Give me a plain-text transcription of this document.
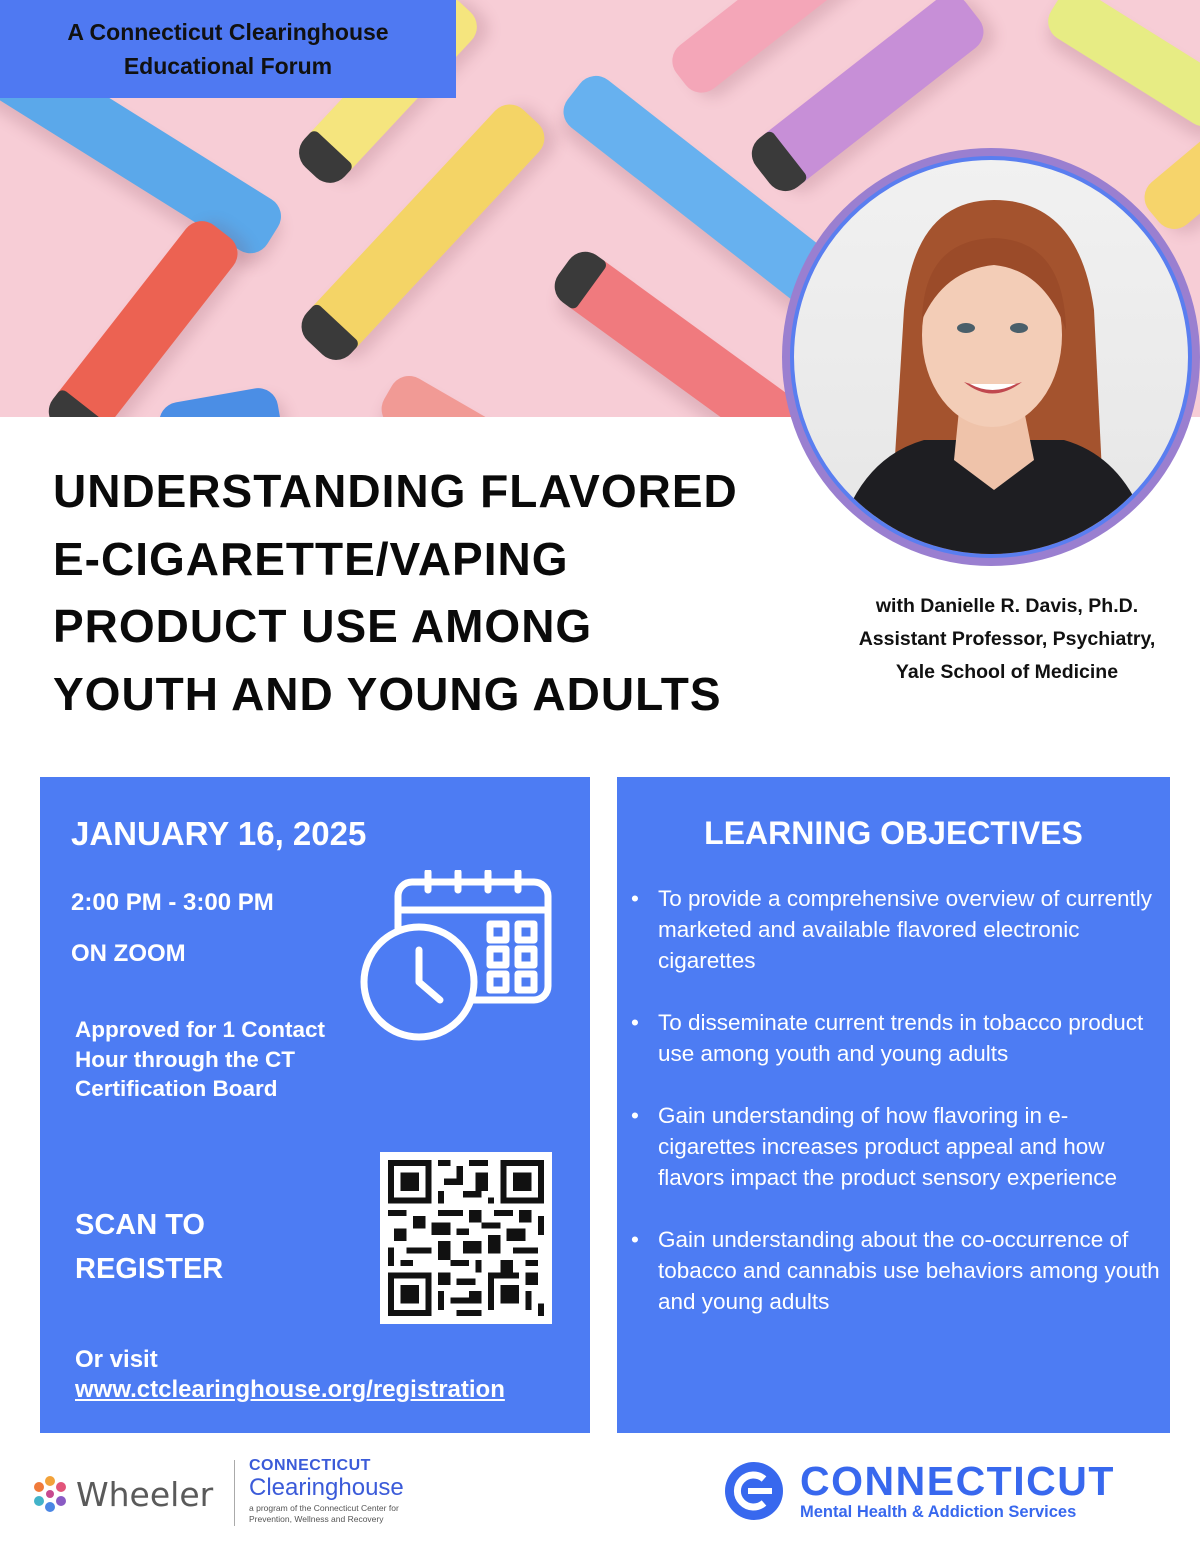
A Connecticut Clearinghouse
Educational Forum
UNDERSTANDING FLAVORED
E-CIGARETTE/VAPING
PRODUCT USE AMONG
YOUTH AND YOUNG ADULTS
with Danielle R. Davis, Ph.D.
Assistant Professor, Psychiatry,
Yale School of Medicine
JANUARY 16, 2025
2:00 PM - 3:00 PM
ON ZOOM
Approved for 1 Contact Hour through the CT Certification Board
SCAN TO REGISTER
Or visit
www.ctclearinghouse.org/registration
LEARNING OBJECTIVES
• To provide a comprehensive overview of currently marketed and available flavored electronic cigarettes
• To disseminate current trends in tobacco product use among youth and young adults
• Gain understanding of how flavoring in e-cigarettes increases product appeal and how flavors impact the product sensory experience
• Gain understanding about the co-occurrence of tobacco and cannabis use behaviors among youth and young adults
Wheeler
CONNECTICUT
Clearinghouse
a program of the Connecticut Center for Prevention, Wellness and Recovery
CONNECTICUT
Mental Health & Addiction Services
